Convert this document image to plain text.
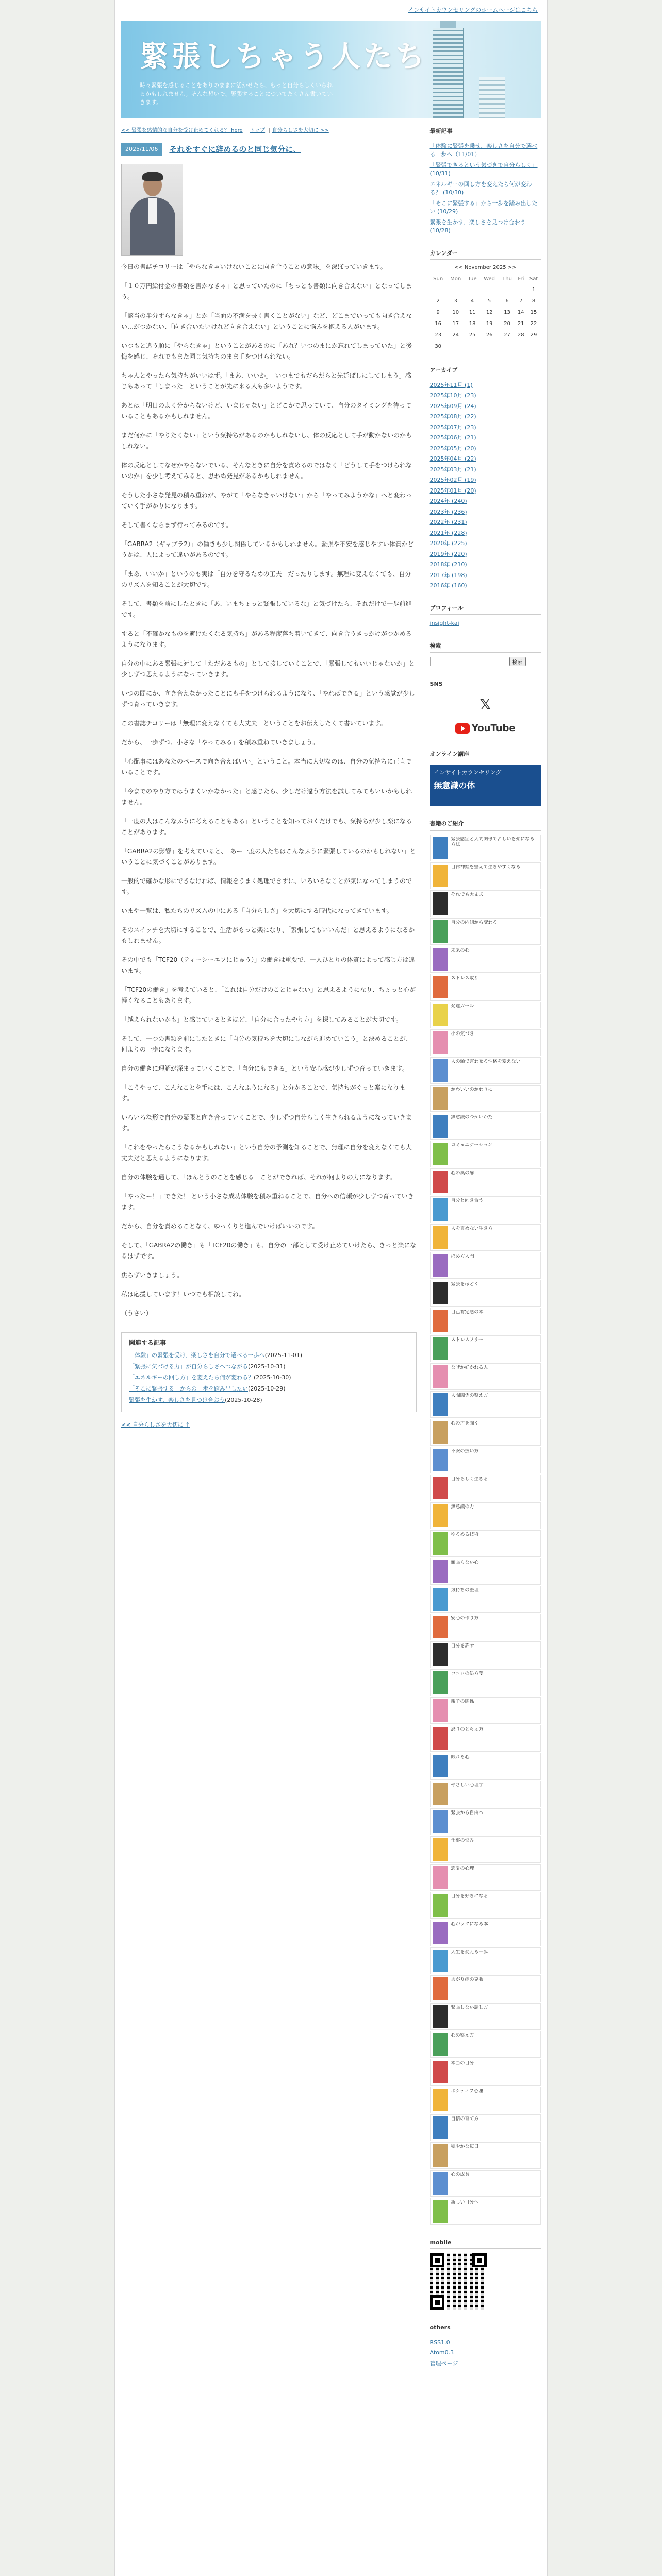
インサイトカウンセリングのホームページはこちら
緊張しちゃう人たち
時々緊張を感じることをありのままに活かせたら、もっと自分らしくいられるかもしれません。そんな想いで、緊張することについてたくさん書いていきます。
<< 緊張を感情的な自分を受け止めてくれる？ here | トップ | 自分らしさを大切に >>
2025/11/06	それをすぐに辞めるのと同じ気分に、

今日の書誌チコリーは「やらなきゃいけないことに向き合うことの意味」を深ぼっていきます。

「１０万円給付金の書類を書かなきゃ」と思っていたのに「ちっとも書類に向き合えない」となってしまう。

「該当の半分ずらなきゃ」とか「当面の不満を長く書くことがない」など、どこまでいっても向き合えない…がつかない、「向き合いたいけれど向き合えない」ということに悩みを抱える人がいます。

いつもと違う順に「やらなきゃ」ということがあるのに「あれ？いつのまにか忘れてしまっていた」と後悔を感じ、それでもまた同じ気持ちのまま手をつけられない。

ちゃんとやったら気持ちがいいはず。「まあ、いいか」「いつまでもだらだらと先延ばしにしてしまう」感じもあって「しまった」ということが先に来る人も多いようです。

あとは「明日のよく分からないけど、いまじゃない」とどこかで思っていて、自分のタイミングを待っていることもあるかもしれません。

まだ何かに「やりたくない」という気持ちがあるのかもしれないし、体の反応として手が動かないのかもしれない。

体の反応としてなぜかやらないでいる、そんなときに自分を責めるのではなく「どうして手をつけられないのか」を少し考えてみると、思わぬ発見があるかもしれません。

そうした小さな発見の積み重ねが、やがて「やらなきゃいけない」から「やってみようかな」へと変わっていく手がかりになります。

そして書くならまず行ってみるのです。

「GABRA2（ギャブラ2）」の働きも少し関係しているかもしれません。緊張や不安を感じやすい体質かどうかは、人によって違いがあるのです。

「まあ、いいか」というのも実は「自分を守るための工夫」だったりします。無理に変えなくても、自分のリズムを知ることが大切です。

そして、書類を前にしたときに「あ、いまちょっと緊張しているな」と気づけたら、それだけで一歩前進です。

すると「不確かなものを避けたくなる気持ち」がある程度落ち着いてきて、向き合うきっかけがつかめるようになります。

自分の中にある緊張に対して「ただあるもの」として接していくことで、「緊張してもいいじゃないか」と少しずつ思えるようになっていきます。

いつの間にか、向き合えなかったことにも手をつけられるようになり、「やればできる」という感覚が少しずつ育っていきます。

この書誌チコリーは「無理に変えなくても大丈夫」ということをお伝えしたくて書いています。

だから、一歩ずつ、小さな「やってみる」を積み重ねていきましょう。

「心配事にはあなたのペースで向き合えばいい」ということ。本当に大切なのは、自分の気持ちに正直でいることです。

「今までのやり方ではうまくいかなかった」と感じたら、少しだけ違う方法を試してみてもいいかもしれません。

「一度の人はこんなふうに考えることもある」ということを知っておくだけでも、気持ちが少し楽になることがあります。

「GABRA2の影響」を考えていると、「あー一度の人たちはこんなふうに緊張しているのかもしれない」ということに気づくことがあります。

一般的で確かな形にできなければ、情報をうまく処理できずに、いろいろなことが気になってしまうのです。

いまや一覧は、私たちのリズムの中にある「自分らしさ」を大切にする時代になってきています。

そのスイッチを大切にすることで、生活がもっと楽になり、「緊張してもいいんだ」と思えるようになるかもしれません。

その中でも「TCF20（ティーシーエフにじゅう）」の働きは重要で、一人ひとりの体質によって感じ方は違います。

「TCF20の働き」を考えていると、「これは自分だけのことじゃない」と思えるようになり、ちょっと心が軽くなることもあります。

「越えられないかも」と感じているときほど、「自分に合ったやり方」を探してみることが大切です。

そして、一つの書類を前にしたときに「自分の気持ちを大切にしながら進めていこう」と決めることが、何よりの一歩になります。

自分の働きに理解が深まっていくことで、「自分にもできる」という安心感が少しずつ育っていきます。

「こうやって、こんなことを手には、こんなふうになる」と分かることで、気持ちがぐっと楽になります。

いろいろな形で自分の緊張と向き合っていくことで、少しずつ自分らしく生きられるようになっていきます。

「これをやったらこうなるかもしれない」という自分の予測を知ることで、無理に自分を変えなくても大丈夫だと思えるようになります。

自分の体験を通して、「ほんとうのことを感じる」ことができれば、それが何よりの力になります。

「やったー！」できた！ という小さな成功体験を積み重ねることで、自分への信頼が少しずつ育っていきます。

だから、自分を責めることなく、ゆっくりと進んでいけばいいのです。

そして、「GABRA2の働き」も「TCF20の働き」も、自分の一部として受け止めていけたら、きっと楽になるはずです。

焦らずいきましょう。

私は応援しています！いつでも相談してね。

（うさい）

関連する記事
「体験」の緊張を受け、楽しさを自分で選べる一歩へ(2025-11-01)
「緊張に気づける力」が自分らしさへつながる(2025-10-31)
「エネルギーの回し方」を変えたら何が変わる？(2025-10-30)
「そこに緊張する」からの一歩を踏み出したい(2025-10-29)
緊張を生かす、楽しさを見つけ合おう(2025-10-28)
<< 自分らしさを大切に ↑
最新記事
「体験に緊張を乗せ、楽しさを自分で選べる一歩へ（11/01）
「緊張できるという気づきで自分らしく」 (10/31)
エネルギーの回し方を変えたら何が変わる？ (10/30)
「そこに緊張する」から一歩を踏み出したい (10/29)
緊張を生かす、楽しさを見つけ合おう (10/28)
カレンダー
<< November 2025 >>
Sun	Mon	Tue	Wed	Thu	Fri	Sat
						1
2	3	4	5	6	7	8
9	10	11	12	13	14	15
16	17	18	19	20	21	22
23	24	25	26	27	28	29
30						
アーカイブ
2025年11月 (1)
2025年10月 (23)
2025年09月 (24)
2025年08月 (22)
2025年07月 (23)
2025年06月 (21)
2025年05月 (20)
2025年04月 (22)
2025年03月 (21)
2025年02月 (19)
2025年01月 (20)
2024年 (240)
2023年 (236)
2022年 (231)
2021年 (228)
2020年 (225)
2019年 (220)
2018年 (210)
2017年 (198)
2016年 (160)
プロフィール
insight-kai
検索
検索
SNS
𝕏
YouTube
オンライン講座
インサイトカウンセリング
無意識の体
書籍のご紹介
緊張感症と人間関係で苦しいを楽になる方法
自律神経を整えて生きやすくなる
それでも大丈夫
自分の内側から変わる
未来の心
ストレス取り
発達ガール
小の気づき
人の頭で言わせる性格を変えない
かわいいのかわりに
無意識のつかいかた
コミュニケーション
心の奥の扉
自分と向き合う
人を責めない生き方
ほめ方入門
緊張をほどく
自己肯定感の本
ストレスフリー
なぜか好かれる人
人間関係の整え方
心の声を聞く
不安の扱い方
自分らしく生きる
無意識の力
ゆるめる技術
頑張らない心
気持ちの整理
安心の作り方
自分を許す
ココロの処方箋
親子の関係
怒りのとらえ方
眠れる心
やさしい心理学
緊張から自由へ
仕事の悩み
恋愛の心理
自分を好きになる
心がラクになる本
人生を変える一歩
あがり症の克服
緊張しない話し方
心の整え方
本当の自分
ポジティブ心理
自信の育て方
穏やかな毎日
心の成長
新しい自分へ
mobile
others
RSS1.0
Atom0.3
管理ページ
